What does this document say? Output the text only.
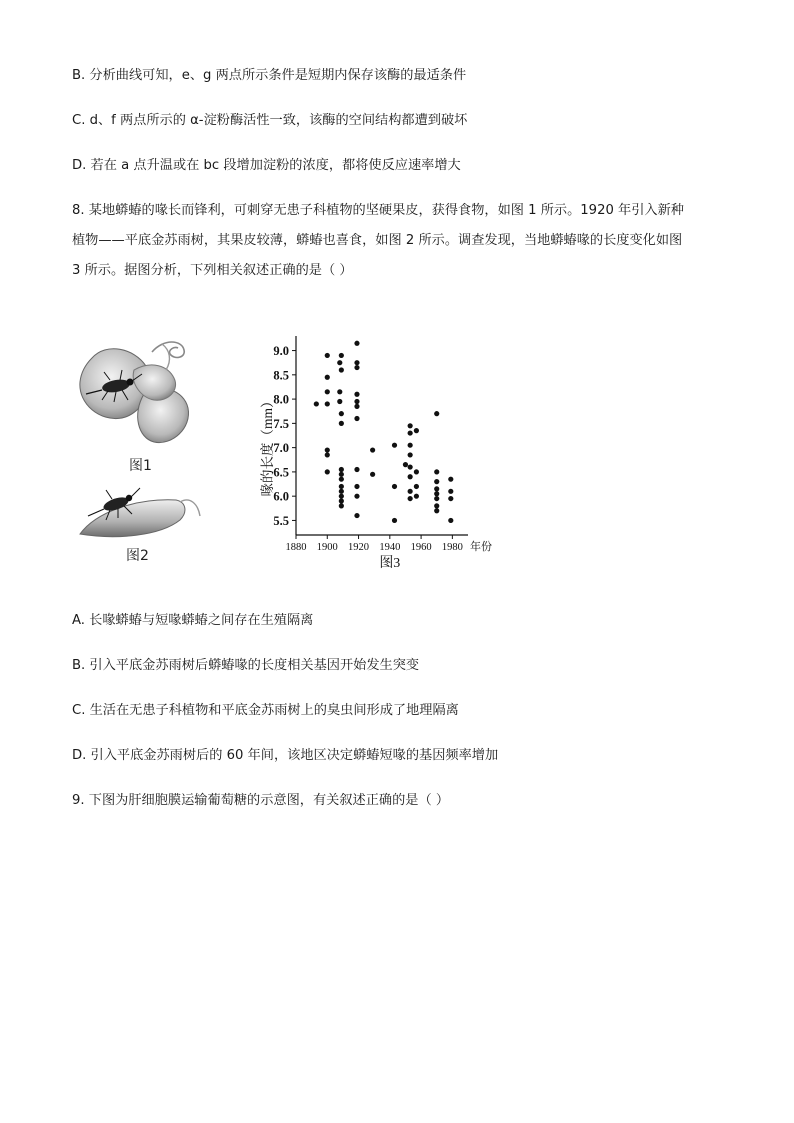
B. 分析曲线可知，e、g 两点所示条件是短期内保存该酶的最适条件
C. d、f 两点所示的 α-淀粉酶活性一致，该酶的空间结构都遭到破坏
D. 若在 a 点升温或在 bc 段增加淀粉的浓度，都将使反应速率增大
8. 某地蟒蝽的喙长而锋利，可刺穿无患子科植物的坚硬果皮，获得食物，如图 1 所示。1920 年引入新种
植物——平底金苏雨树，其果皮较薄，蟒蝽也喜食，如图 2 所示。调查发现，当地蟒蝽喙的长度变化如图
3 所示。据图分析，下列相关叙述正确的是（ ）
图1
图2
5.5
6.0
6.5
7.0
7.5
8.0
8.5
9.0
1880 1900 1920 1940 1960 1980 年份
喙的长度（mm）
图3
A. 长喙蟒蝽与短喙蟒蝽之间存在生殖隔离
B. 引入平底金苏雨树后蟒蝽喙的长度相关基因开始发生突变
C. 生活在无患子科植物和平底金苏雨树上的臭虫间形成了地理隔离
D. 引入平底金苏雨树后的 60 年间，该地区决定蟒蝽短喙的基因频率增加
9. 下图为肝细胞膜运输葡萄糖的示意图，有关叙述正确的是（ ）
